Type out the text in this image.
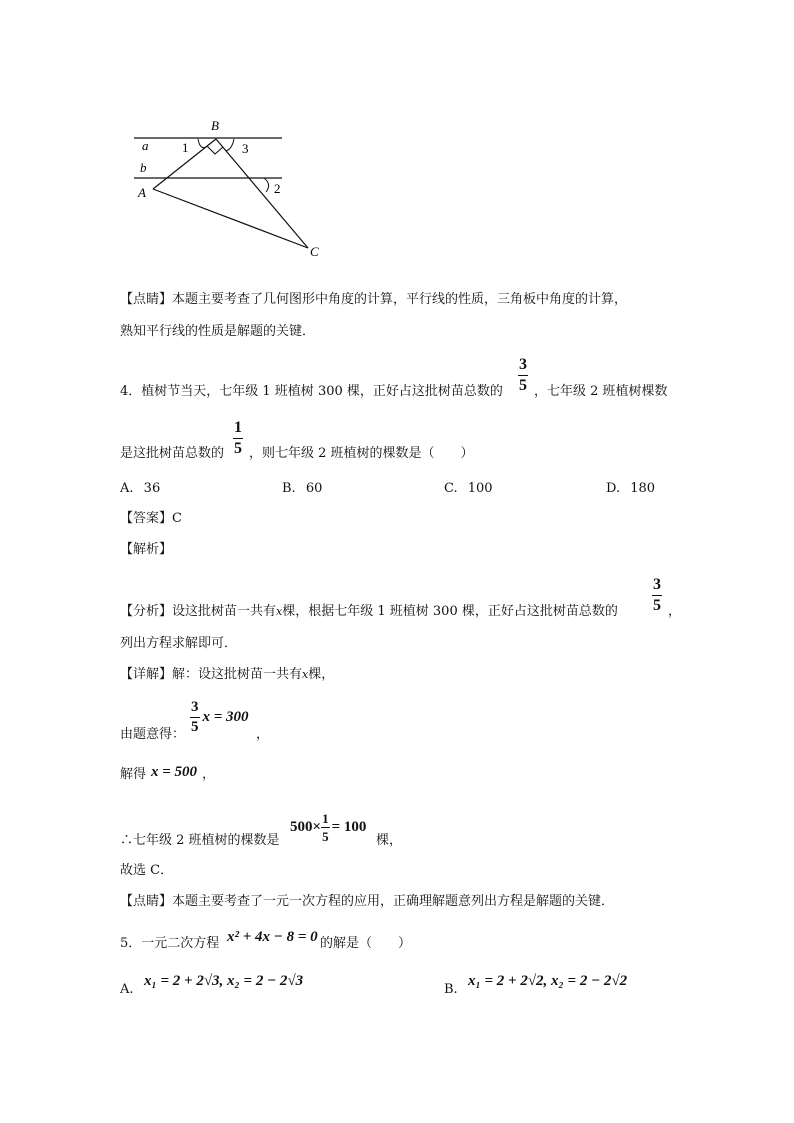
B
a
b
A
C
1	3
2
【点睛】本题主要考查了几何图形中角度的计算，平行线的性质，三角板中角度的计算，
熟知平行线的性质是解题的关键．
4．植树节当天，七年级 1 班植树 300 棵，正好占这批树苗总数的 $\frac{3}{5}$ ，七年级 2 班植树棵数
是这批树苗总数的 $\frac{1}{5}$ ，则七年级 2 班植树的棵数是（　　）
A. 36	B. 60	C. 100	D. 180
【答案】C
【解析】
【分析】设这批树苗一共有x棵，根据七年级 1 班植树 300 棵，正好占这批树苗总数的 $\frac{3}{5}$ ，
列出方程求解即可．
【详解】解：设这批树苗一共有x棵，
由题意得： $\frac{3}{5}$ x = 300
，
解得 x = 500 ，
∴七年级 2 班植树的棵数是
$500\times \frac{1}{5} = 100$
棵，
故选 C．
【点睛】本题主要考查了一元一次方程的应用，正确理解题意列出方程是解题的关键．
5．一元二次方程 x² + 4x − 8 = 0 的解是（　　）
A.
x₁ = 2 + 2√3, x₂ = 2 − 2√3
B.
x₁ = 2 + 2√2, x₂ = 2 − 2√2
